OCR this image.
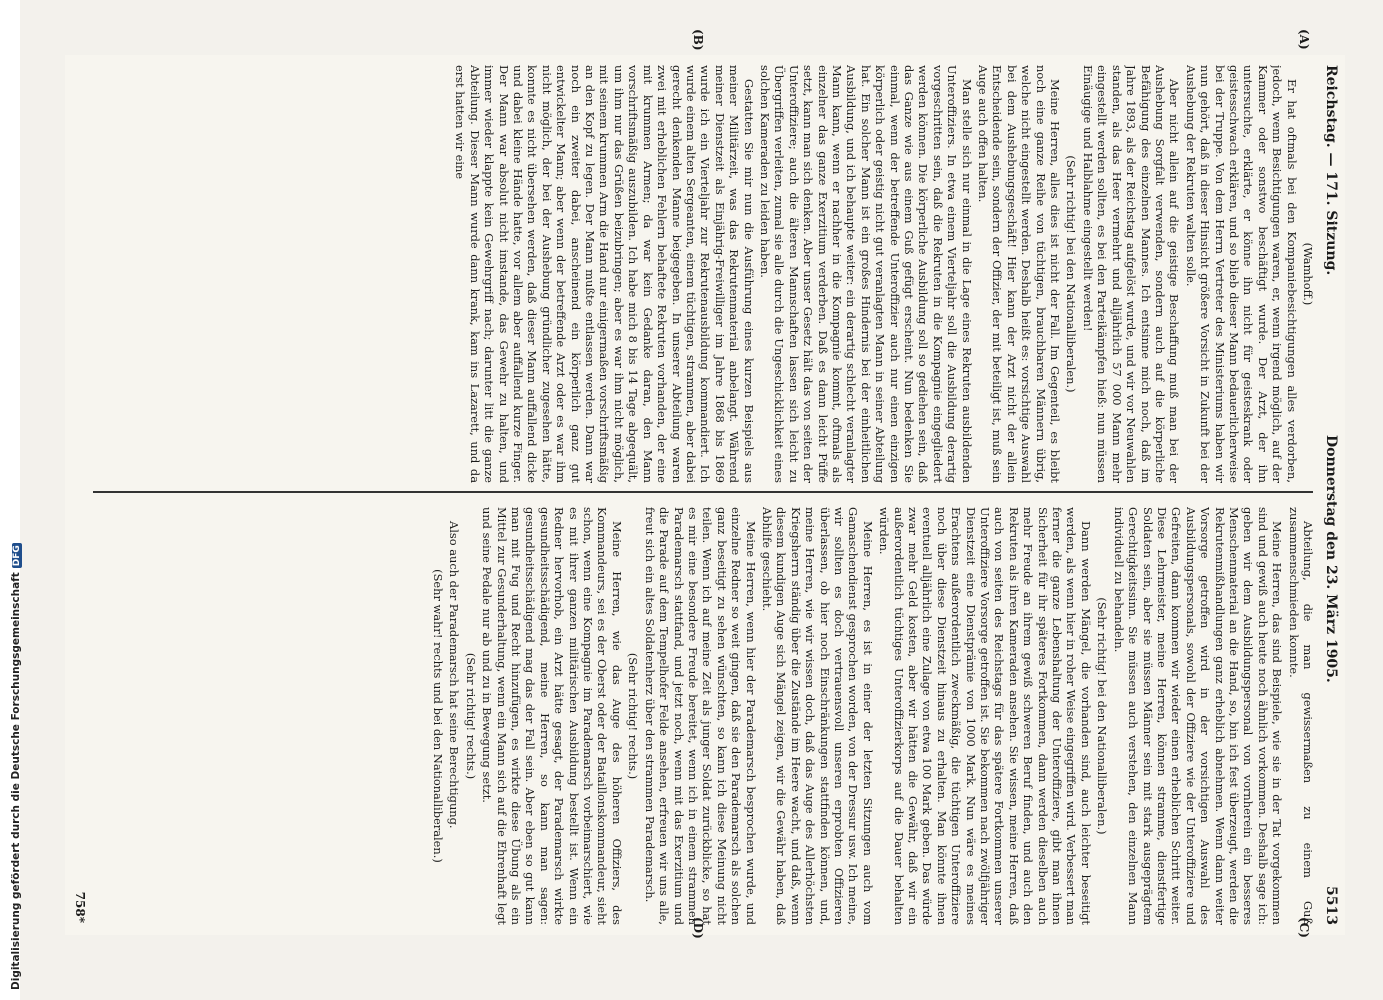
Digitalisierung gefördert durch die Deutsche ForschungsgemeinschaftDFG
Reichstag. — 171. Sitzung.
Donnerstag den 23. März 1905.
5513
(A)
(B)
(C)
(D)

(Wamhoff.)

Er hat oftmals bei den Kompaniebesichtigungen alles verdorben, jedoch, wenn Besichtigungen waren, er, wenn irgend möglich, auf der Kammer oder sonstwo beschäftigt wurde. Der Arzt, der ihn untersuchte, erklärte, er könne ihn nicht für geisteskrank oder geistesschwach erklären, und so blieb dieser Mann bedauerlicherweise bei der Truppe. Von dem Herrn Vertreter des Ministeriums haben wir nun gehört, daß in dieser Hinsicht größere Vorsicht in Zukunft bei der Aushebung der Rekruten walten solle.

Aber nicht allein auf die geistige Beschaffung muß man bei der Aushebung Sorgfalt verwenden, sondern auch auf die körperliche Befähigung des einzelnen Mannes. Ich entsinne mich noch, daß im Jahre 1893, als der Reichstag aufgelöst wurde, und wir vor Neuwahlen standen, als das Heer vermehrt und alljährlich 57 000 Mann mehr eingestellt werden sollten, es bei den Parteikämpfen hieß: nun müssen Einäugige und Halblahme eingestellt werden!

(Sehr richtig! bei den Nationalliberalen.)

Meine Herren, alles dies ist nicht der Fall. Im Gegenteil, es bleibt noch eine ganze Reihe von tüchtigen, brauchbaren Männern übrig, welche nicht eingestellt werden. Deshalb heißt es: vorsichtige Auswahl bei dem Aushebungsgeschäft! Hier kann der Arzt nicht der allein Entscheidende sein, sondern der Offizier, der mit beteiligt ist, muß sein Auge auch offen halten.

Man stelle sich nur einmal in die Lage eines Rekruten ausbildenden Unteroffiziers. In etwa einem Vierteljahr soll die Ausbildung derartig vorgeschritten sein, daß die Rekruten in die Kompagnie eingegliedert werden können. Die körperliche Ausbildung soll so gediehen sein, daß das Ganze wie aus einem Guß gefügt erscheint. Nun bedenken Sie einmal, wenn der betreffende Unteroffizier auch nur einen einzigen körperlich oder geistig nicht gut veranlagten Mann in seiner Abteilung hat. Ein solcher Mann ist ein großes Hindernis bei der einheitlichen Ausbildung, und ich behaupte weiter: ein derartig schlecht veranlagter Mann kann, wenn er nachher in die Kompagnie kommt, oftmals als einzelner das ganze Exerzitium verderben. Daß es dann leicht Püffe setzt, kann man sich denken. Aber unser Gesetz hält das von seiten der Unteroffiziere; auch die älteren Mannschaften lassen sich leicht zu Übergriffen verleiten, zumal sie alle durch die Ungeschicklichkeit eines solchen Kameraden zu leiden haben.

Gestatten Sie mir nun die Ausführung eines kurzen Beispiels aus meiner Militärzeit, was das Rekrutenmaterial anbelangt. Während meiner Dienstzeit als Einjährig-Freiwilliger im Jahre 1868 bis 1869 wurde ich ein Vierteljahr zur Rekrutenausbildung kommandiert. Ich wurde einem alten Sergeanten, einem tüchtigen, strammen, aber dabei gerecht denkenden Manne beigegeben. In unserer Abteilung waren zwei mit erheblichen Fehlern behaftete Rekruten vorhanden, der eine mit krummen Armen; da war kein Gedanke daran, den Mann vorschriftsmäßig auszubilden. Ich habe mich 8 bis 14 Tage abgequält, um ihm nur das Grüßen beizubringen; aber es war ihm nicht möglich, mit seinem krummen Arm die Hand nur einigermaßen vorschriftsmäßig an den Kopf zu legen. Der Mann mußte entlassen werden. Dann war noch ein zweiter dabei, anscheinend ein körperlich ganz gut entwickelter Mann; aber wenn der betreffende Arzt oder es war ihm nicht möglich, der bei der Aushebung gründlicher zugesehen hätte, konnte es nicht übersehen werden, daß dieser Mann auffallend dicke und dabei kleine Hände hatte, vor allem aber auffallend kurze Finger. Der Mann war absolut nicht imstande, das Gewehr zu halten, und immer wieder klappte kein Gewehrgriff nach; darunter litt die ganze Abteilung. Dieser Mann wurde dann krank, kam ins Lazarett, und da erst hatten wir eine

Abteilung, die man gewissermaßen zu einem Guß zusammenschmieden konnte.

Meine Herren, das sind Beispiele, wie sie in der Tat vorgekommen sind und gewiß auch heute noch ähnlich vorkommen. Deshalb sage ich: geben wir dem Ausbildungspersonal von vornherein ein besseres Menschenmaterial an die Hand, so, bin ich fest überzeugt, werden die Rekrutenmißhandlungen ganz erheblich abnehmen. Wenn dann weiter Vorsorge getroffen wird in der vorsichtigen Auswahl des Ausbildungspersonals, sowohl der Offiziere wie der Unteroffiziere und Gefreiten, dann kommen wir wieder einen erheblichen Schritt weiter. Diese Lehrmeister, meine Herren, können stramme, dienstfertige Soldaten sein, aber sie müssen Männer sein mit stark ausgeprägtem Gerechtigkeitssinn. Sie müssen auch verstehen, den einzelnen Mann individuell zu behandeln.

(Sehr richtig! bei den Nationalliberalen.)

Dann werden Mängel, die vorhanden sind, auch leichter beseitigt werden, als wenn hier in roher Weise eingegriffen wird. Verbessert man ferner die ganze Lebenshaltung der Unteroffiziere, gibt man ihnen Sicherheit für ihr späteres Fortkommen, dann werden dieselben auch mehr Freude an ihrem gewiß schweren Beruf finden, und auch den Rekruten als ihren Kameraden ansehen. Sie wissen, meine Herren, daß auch von seiten des Reichstags für das spätere Fortkommen unserer Unteroffiziere Vorsorge getroffen ist. Sie bekommen nach zwölfjähriger Dienstzeit eine Dienstprämie von 1000 Mark. Nun wäre es meines Erachtens außerordentlich zweckmäßig, die tüchtigen Unteroffiziere noch über diese Dienstzeit hinaus zu erhalten. Man könnte ihnen eventuell alljährlich eine Zulage von etwa 100 Mark geben. Das würde zwar mehr Geld kosten, aber wir hätten die Gewähr, daß wir ein außerordentlich tüchtiges Unteroffizierkorps auf die Dauer behalten würden.

Meine Herren, es ist in einer der letzten Sitzungen auch vom Gamaschendienst gesprochen worden, von der Dressur usw. Ich meine, wir sollten es doch vertrauensvoll unseren erprobten Offizieren überlassen, ob hier noch Einschränkungen stattfinden können, und, meine Herren, wie wir wissen doch, daß das Auge des Allerhöchsten Kriegsherrn ständig über die Zustände im Heere wacht, und daß, wenn diesem kundigen Auge sich Mängel zeigen, wir die Gewähr haben, daß Abhilfe geschieht.

Meine Herren, wenn hier der Parademarsch besprochen wurde, und einzelne Redner so weit gingen, daß sie den Parademarsch als solchen ganz beseitigt zu sehen wünschten, so kann ich diese Meinung nicht teilen. Wenn ich auf meine Zeit als junger Soldat zurückblicke, so hat es mir eine besondere Freude bereitet, wenn ich in einem strammen Parademarsch stattfand, und jetzt noch, wenn mit das Exerzitium und die Parade auf dem Tempelhofer Felde ansehen, erfreuen wir uns alle, freut sich ein altes Soldatenherz über den strammen Parademarsch.

(Sehr richtig! rechts.)

Meine Herren, wie das Auge des höheren Offiziers, des Kommandeurs, sei es der Oberst oder der Bataillonskommandeur, sieht schon, wenn eine Kompagnie im Parademarsch vorbeimarschiert, wie es mit ihrer ganzen militärischen Ausbildung bestellt ist. Wenn ein Redner hervorhob, ein Arzt hätte gesagt, der Parademarsch wirkte gesundheitsschädigend, meine Herren, so kann man sagen: gesundheitsschädigend mag das der Fall sein. Aber eben so gut kann man mit Fug und Recht hinzufügen, es wirkte diese Übung als ein Mittel zur Gesunderhaltung, wenn ein Mann sich auf die Ehrenhaft legt und seine Pedale nur ab und zu in Bewegung setzt.

(Sehr richtig! rechts.)

Also auch der Parademarsch hat seine Berechtigung.

(Sehr wahr! rechts und bei den Nationalliberalen.)

758*
